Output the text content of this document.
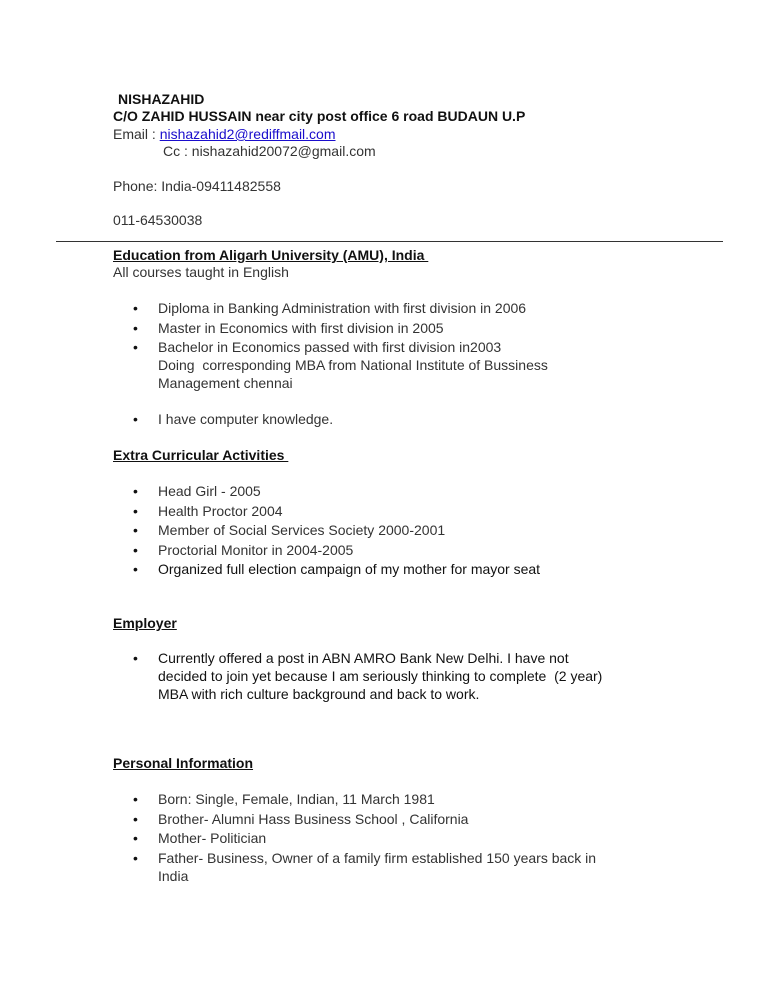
NISHAZAHID
C/O ZAHID HUSSAIN near city post office 6 road BUDAUN U.P
Email : nishazahid2@rediffmail.com
Cc : nishazahid20072@gmail.com
Phone: India-09411482558
011-64530038
Education from Aligarh University (AMU), India
All courses taught in English
• Diploma in Banking Administration with first division in 2006
• Master in Economics with first division in 2005
• Bachelor in Economics passed with first division in2003
Doing  corresponding MBA from National Institute of Bussiness
Management chennai
• I have computer knowledge.
Extra Curricular Activities
• Head Girl - 2005
• Health Proctor 2004
• Member of Social Services Society 2000-2001
• Proctorial Monitor in 2004-2005
• Organized full election campaign of my mother for mayor seat
Employer
• Currently offered a post in ABN AMRO Bank New Delhi. I have not
decided to join yet because I am seriously thinking to complete  (2 year)
MBA with rich culture background and back to work.
Personal Information
• Born: Single, Female, Indian, 11 March 1981
• Brother- Alumni Hass Business School , California
• Mother- Politician
• Father- Business, Owner of a family firm established 150 years back in
India
